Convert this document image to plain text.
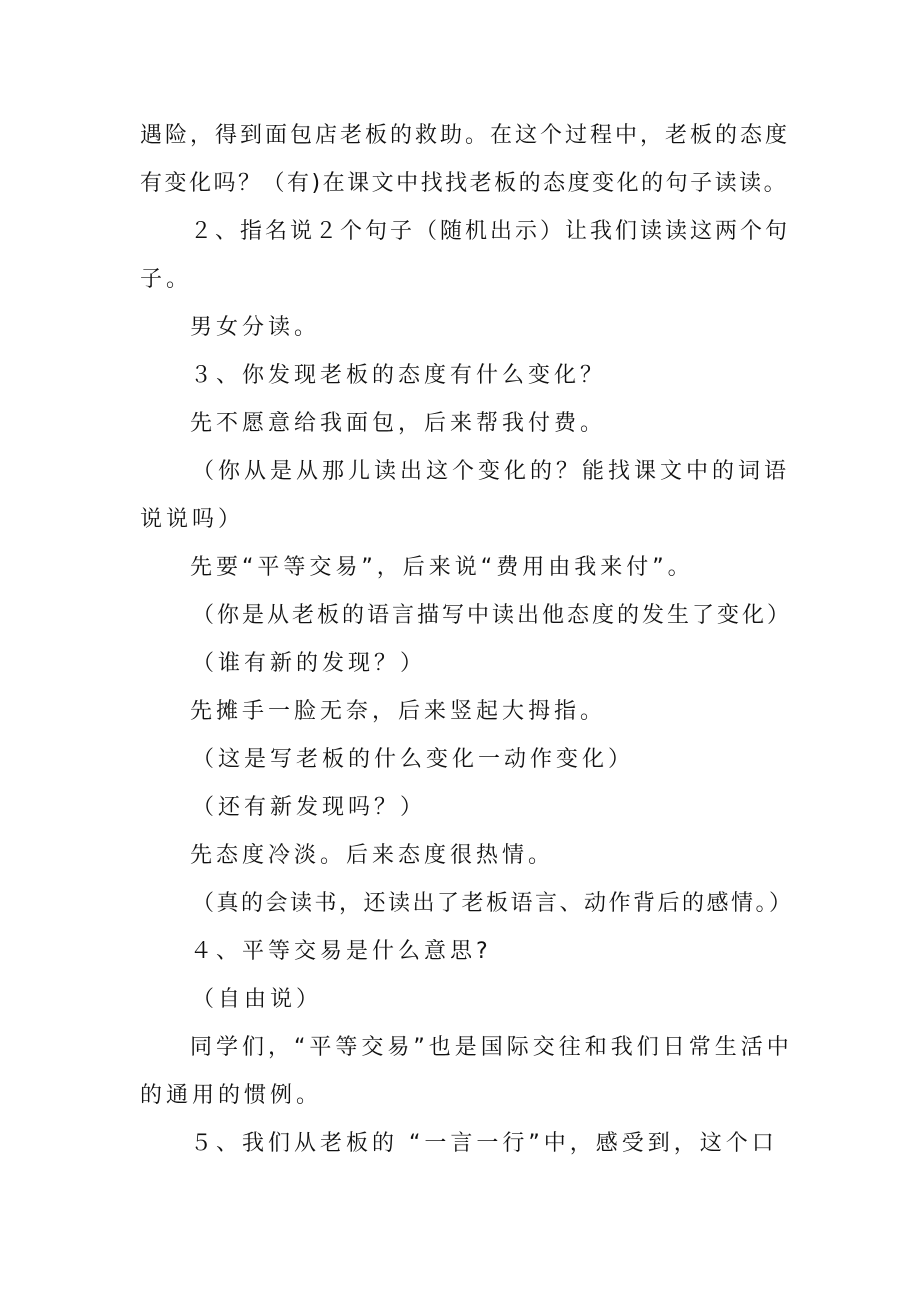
遇险，得到面包店老板的救助。在这个过程中，老板的态度
有变化吗？（有)在课文中找找老板的态度变化的句子读读。
２、指名说２个句子（随机出示）让我们读读这两个句
子。
男女分读。
３、你发现老板的态度有什么变化？
先不愿意给我面包，后来帮我付费。
（你从是从那儿读出这个变化的？能找课文中的词语
说说吗）
先要“平等交易”，后来说“费用由我来付”。
（你是从老板的语言描写中读出他态度的发生了变化）
（谁有新的发现？）
先摊手一脸无奈，后来竖起大拇指。
（这是写老板的什么变化一动作变化）
（还有新发现吗？）
先态度冷淡。后来态度很热情。
（真的会读书，还读出了老板语言、动作背后的感情。）
４、平等交易是什么意思?
（自由说）
同学们，“平等交易”也是国际交往和我们日常生活中
的通用的惯例。
５、我们从老板的 “一言一行”中，感受到，这个口
